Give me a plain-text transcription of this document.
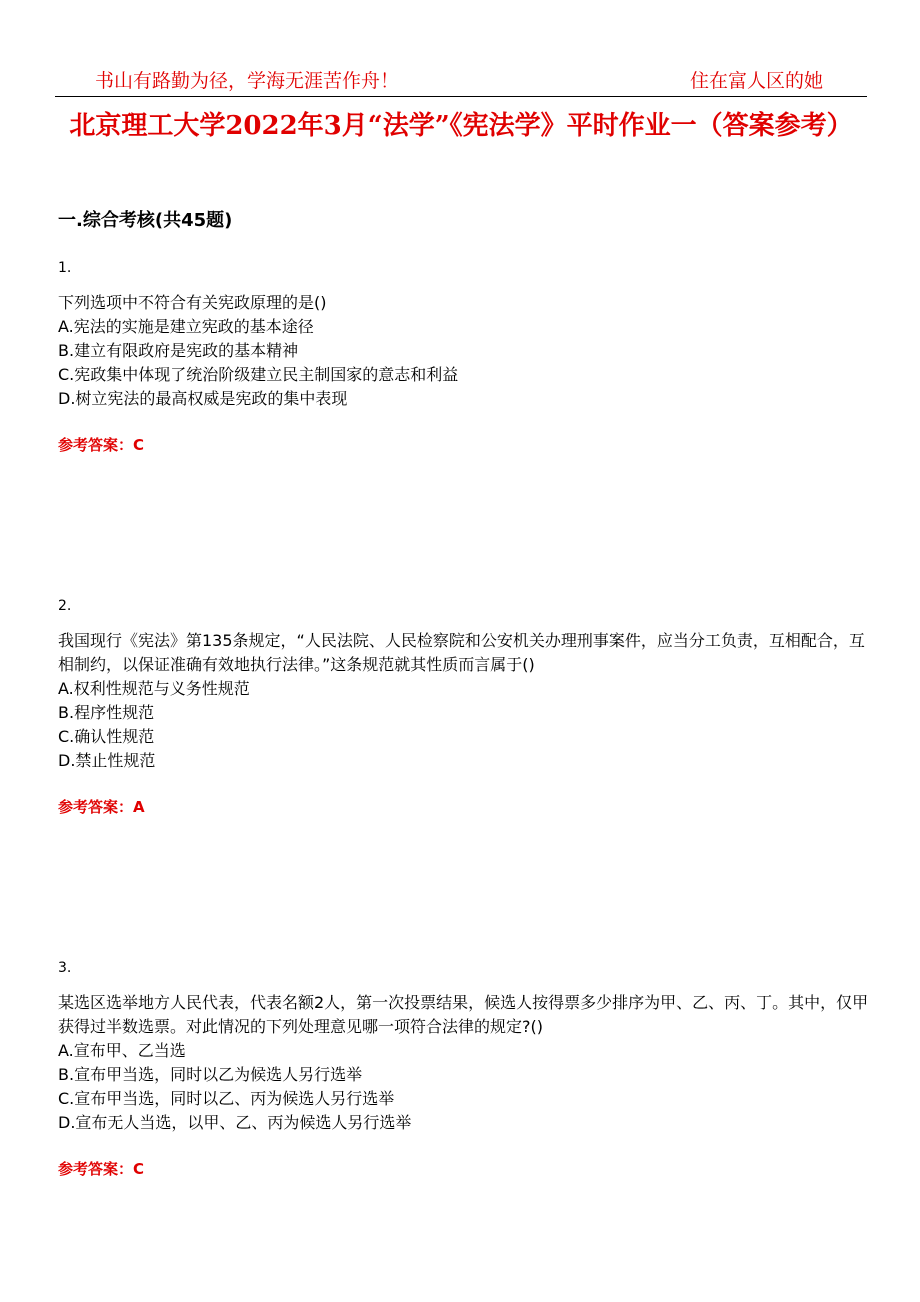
书山有路勤为径，学海无涯苦作舟！	住在富人区的她
北京理工大学2022年3月“法学”《宪法学》平时作业一（答案参考）
一.综合考核(共45题)
1.
下列选项中不符合有关宪政原理的是()
A.宪法的实施是建立宪政的基本途径
B.建立有限政府是宪政的基本精神
C.宪政集中体现了统治阶级建立民主制国家的意志和利益
D.树立宪法的最高权威是宪政的集中表现
参考答案：C
2.
我国现行《宪法》第135条规定，“人民法院、人民检察院和公安机关办理刑事案件，应当分工负责，互相配合，互相制约，以保证准确有效地执行法律。”这条规范就其性质而言属于()
A.权利性规范与义务性规范
B.程序性规范
C.确认性规范
D.禁止性规范
参考答案：A
3.
某选区选举地方人民代表，代表名额2人，第一次投票结果，候选人按得票多少排序为甲、乙、丙、丁。其中，仅甲获得过半数选票。对此情况的下列处理意见哪一项符合法律的规定?()
A.宣布甲、乙当选
B.宣布甲当选，同时以乙为候选人另行选举
C.宣布甲当选，同时以乙、丙为候选人另行选举
D.宣布无人当选，以甲、乙、丙为候选人另行选举
参考答案：C
